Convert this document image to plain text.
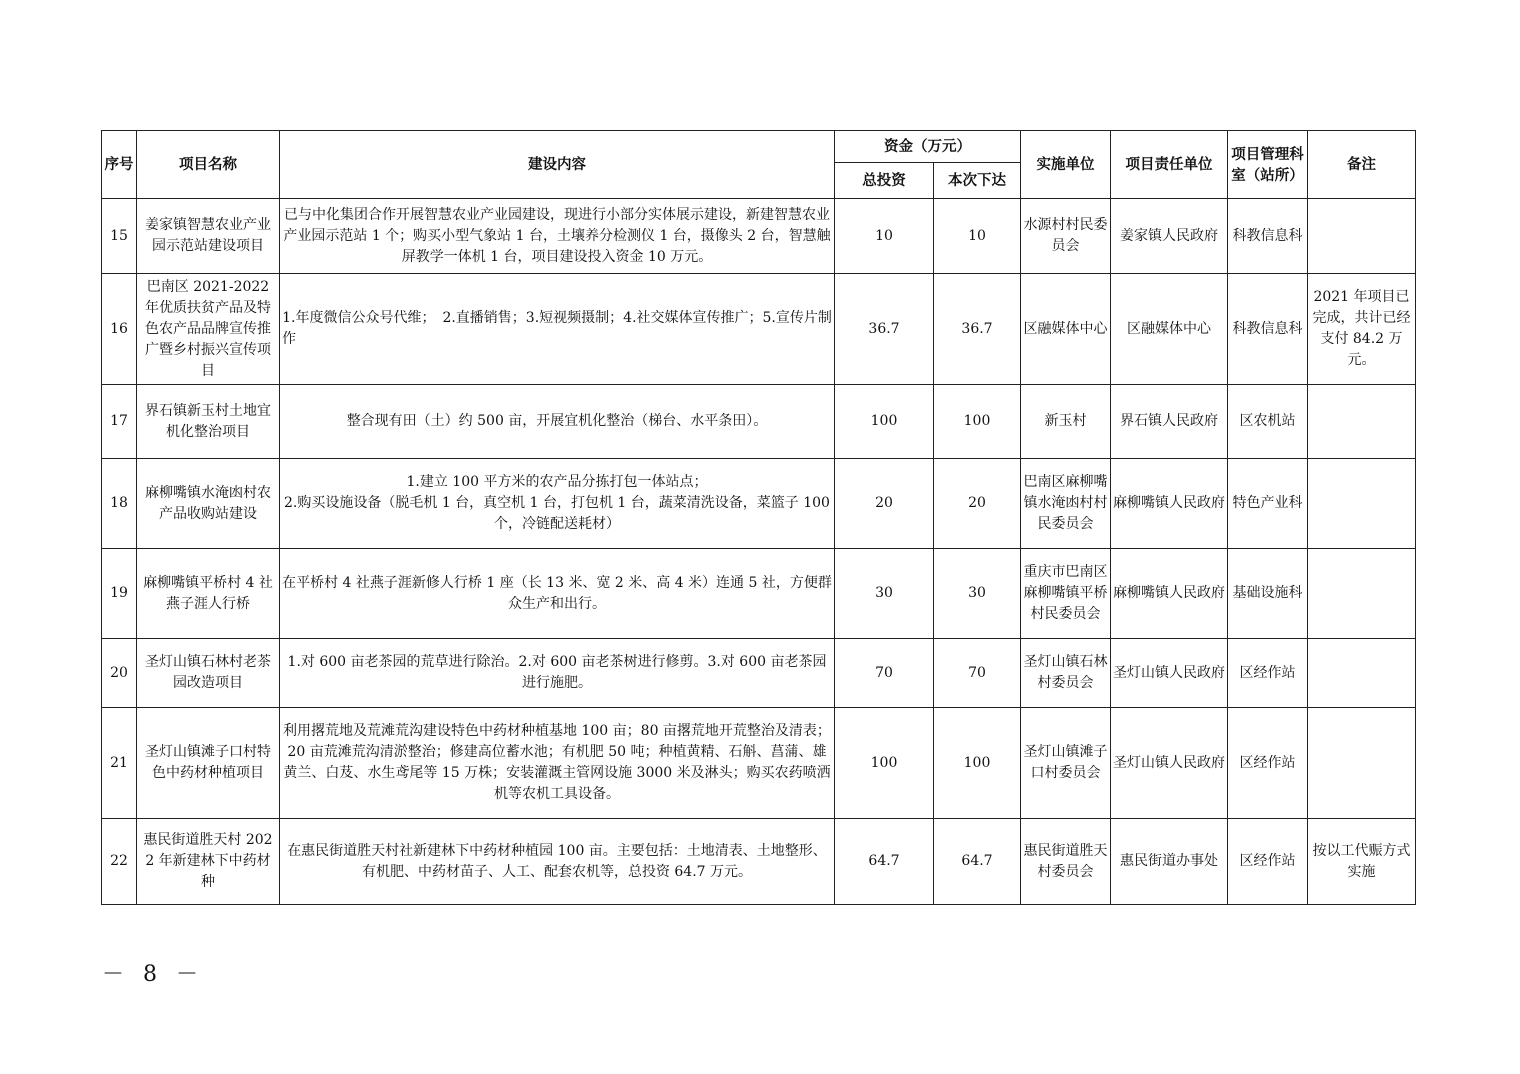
序号	项目名称	建设内容	资金（万元）		实施单位	项目责任单位	项目管理科室（站所）	备注
			总投资	本次下达				
15	姜家镇智慧农业产业园示范站建设项目	已与中化集团合作开展智慧农业产业园建设，现进行小部分实体展示建设，新建智慧农业产业园示范站 1 个；购买小型气象站 1 台，土壤养分检测仪 1 台，摄像头 2 台，智慧触屏教学一体机 1 台，项目建设投入资金 10 万元。	10	10	水源村村民委员会	姜家镇人民政府	科教信息科	
16	巴南区 2021-2022 年优质扶贫产品及特色农产品品牌宣传推广暨乡村振兴宣传项目	1.年度微信公众号代维；　2.直播销售；3.短视频摄制；4.社交媒体宣传推广；5.宣传片制作	36.7	36.7	区融媒体中心	区融媒体中心	科教信息科	2021 年项目已完成，共计已经支付 84.2 万元。
17	界石镇新玉村土地宜机化整治项目	整合现有田（土）约 500 亩，开展宜机化整治（梯台、水平条田）。	100	100	新玉村	界石镇人民政府	区农机站	
18	麻柳嘴镇水淹凼村农产品收购站建设	1.建立 100 平方米的农产品分拣打包一体站点；
2.购买设施设备（脱毛机 1 台，真空机 1 台，打包机 1 台，蔬菜清洗设备，菜篮子 100 个，冷链配送耗材）	20	20	巴南区麻柳嘴镇水淹凼村村民委员会	麻柳嘴镇人民政府	特色产业科	
19	麻柳嘴镇平桥村 4 社燕子涯人行桥	在平桥村 4 社燕子涯新修人行桥 1 座（长 13 米、宽 2 米、高 4 米）连通 5 社，方便群众生产和出行。	30	30	重庆市巴南区麻柳嘴镇平桥村民委员会	麻柳嘴镇人民政府	基础设施科	
20	圣灯山镇石林村老茶园改造项目	1.对 600 亩老茶园的荒草进行除治。2.对 600 亩老茶树进行修剪。3.对 600 亩老茶园进行施肥。	70	70	圣灯山镇石林村委员会	圣灯山镇人民政府	区经作站	
21	圣灯山镇滩子口村特色中药材种植项目	利用撂荒地及荒滩荒沟建设特色中药材种植基地 100 亩；80 亩撂荒地开荒整治及清表；20 亩荒滩荒沟清淤整治；修建高位蓄水池；有机肥 50 吨；种植黄精、石斛、菖蒲、雄黄兰、白芨、水生鸢尾等 15 万株；安装灌溉主管网设施 3000 米及淋头；购买农药喷洒机等农机工具设备。	100	100	圣灯山镇滩子口村委员会	圣灯山镇人民政府	区经作站	
22	惠民街道胜天村 2022 年新建林下中药材种	在惠民街道胜天村社新建林下中药材种植园 100 亩。主要包括：土地清表、土地整形、有机肥、中药材苗子、人工、配套农机等，总投资 64.7 万元。	64.7	64.7	惠民街道胜天村委员会	惠民街道办事处	区经作站	按以工代赈方式实施
－ 8 －
